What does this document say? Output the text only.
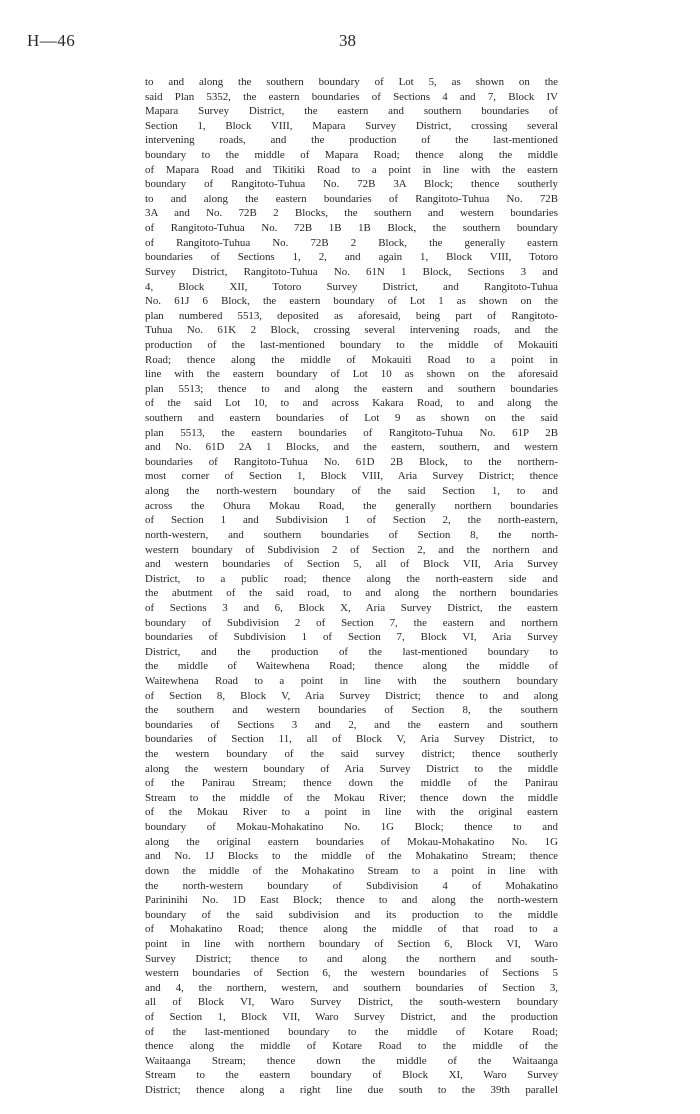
H—46	38
to and along the southern boundary of Lot 5, as shown on the
said Plan 5352, the eastern boundaries of Sections 4 and 7, Block IV
Mapara Survey District, the eastern and southern boundaries of
Section 1, Block VIII, Mapara Survey District, crossing several
intervening roads, and the production of the last-mentioned
boundary to the middle of Mapara Road; thence along the middle
of Mapara Road and Tikitiki Road to a point in line with the eastern
boundary of Rangitoto-Tuhua No. 72B 3A Block; thence southerly
to and along the eastern boundaries of Rangitoto-Tuhua No. 72B
3A and No. 72B 2 Blocks, the southern and western boundaries
of Rangitoto-Tuhua No. 72B 1B 1B Block, the southern boundary
of Rangitoto-Tuhua No. 72B 2 Block, the generally eastern
boundaries of Sections 1, 2, and again 1, Block VIII, Totoro
Survey District, Rangitoto-Tuhua No. 61N 1 Block, Sections 3 and
4, Block XII, Totoro Survey District, and Rangitoto-Tuhua
No. 61J 6 Block, the eastern boundary of Lot 1 as shown on the
plan numbered 5513, deposited as aforesaid, being part of Rangitoto-
Tuhua No. 61K 2 Block, crossing several intervening roads, and the
production of the last-mentioned boundary to the middle of Mokauiti
Road; thence along the middle of Mokauiti Road to a point in
line with the eastern boundary of Lot 10 as shown on the aforesaid
plan 5513; thence to and along the eastern and southern boundaries
of the said Lot 10, to and across Kakara Road, to and along the
southern and eastern boundaries of Lot 9 as shown on the said
plan 5513, the eastern boundaries of Rangitoto-Tuhua No. 61P 2B
and No. 61D 2A 1 Blocks, and the eastern, southern, and western
boundaries of Rangitoto-Tuhua No. 61D 2B Block, to the northern-
most corner of Section 1, Block VIII, Aria Survey District; thence
along the north-western boundary of the said Section 1, to and
across the Ohura Mokau Road, the generally northern boundaries
of Section 1 and Subdivision 1 of Section 2, the north-eastern,
north-western, and southern boundaries of Section 8, the north-
western boundary of Subdivision 2 of Section 2, and the northern and
and western boundaries of Section 5, all of Block VII, Aria Survey
District, to a public road; thence along the north-eastern side and
the abutment of the said road, to and along the northern boundaries
of Sections 3 and 6, Block X, Aria Survey District, the eastern
boundary of Subdivision 2 of Section 7, the eastern and northern
boundaries of Subdivision 1 of Section 7, Block VI, Aria Survey
District, and the production of the last-mentioned boundary to
the middle of Waitewhena Road; thence along the middle of
Waitewhena Road to a point in line with the southern boundary
of Section 8, Block V, Aria Survey District; thence to and along
the southern and western boundaries of Section 8, the southern
boundaries of Sections 3 and 2, and the eastern and southern
boundaries of Section 11, all of Block V, Aria Survey District, to
the western boundary of the said survey district; thence southerly
along the western boundary of Aria Survey District to the middle
of the Panirau Stream; thence down the middle of the Panirau
Stream to the middle of the Mokau River; thence down the middle
of the Mokau River to a point in line with the original eastern
boundary of Mokau-Mohakatino No. 1G Block; thence to and
along the original eastern boundaries of Mokau-Mohakatino No. 1G
and No. 1J Blocks to the middle of the Mohakatino Stream; thence
down the middle of the Mohakatino Stream to a point in line with
the north-western boundary of Subdivision 4 of Mohakatino
Parininihi No. 1D East Block; thence to and along the north-western
boundary of the said subdivision and its production to the middle
of Mohakatino Road; thence along the middle of that road to a
point in line with northern boundary of Section 6, Block VI, Waro
Survey District; thence to and along the northern and south-
western boundaries of Section 6, the western boundaries of Sections 5
and 4, the northern, western, and southern boundaries of Section 3,
all of Block VI, Waro Survey District, the south-western boundary
of Section 1, Block VII, Waro Survey District, and the production
of the last-mentioned boundary to the middle of Kotare Road;
thence along the middle of Kotare Road to the middle of the
Waitaanga Stream; thence down the middle of the Waitaanga
Stream to the eastern boundary of Block XI, Waro Survey
District; thence along a right line due south to the 39th parallel
